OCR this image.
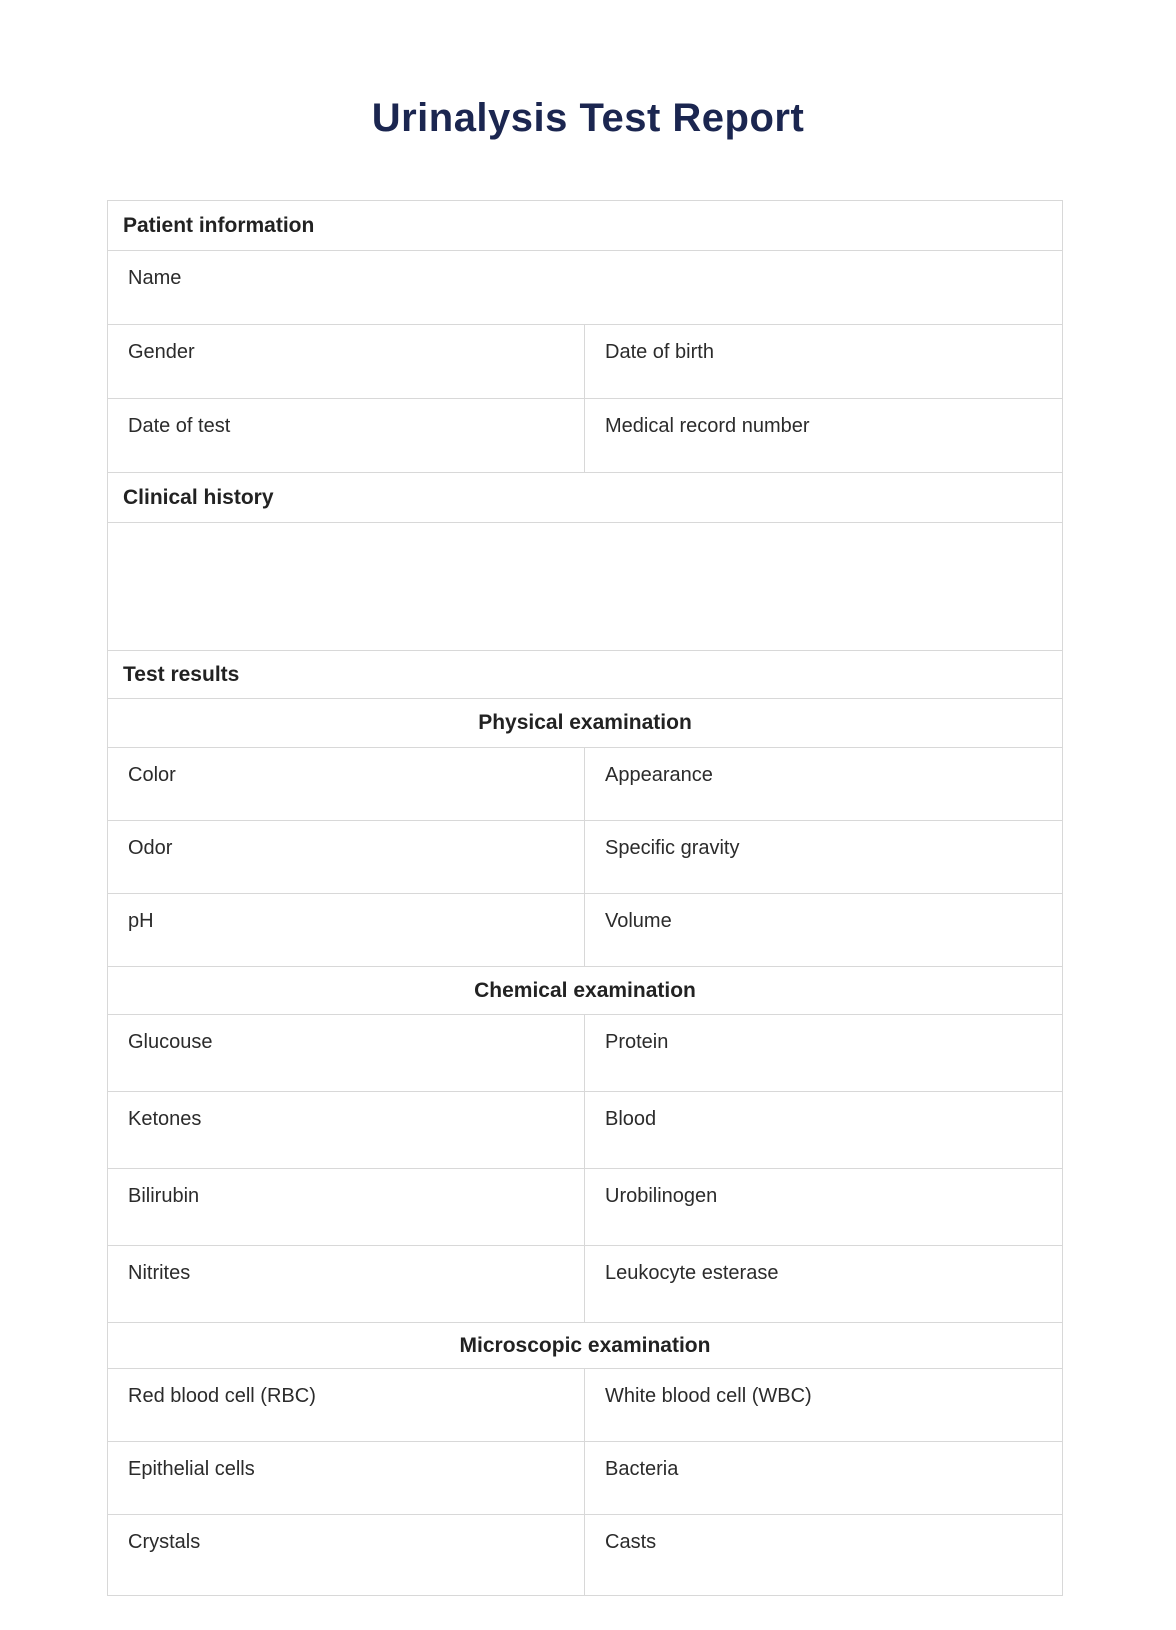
Urinalysis Test Report
Patient information
Name
Gender	Date of birth
Date of test	Medical record number
Clinical history
Test results
Physical examination
Color	Appearance
Odor	Specific gravity
pH	Volume
Chemical examination
Glucouse	Protein
Ketones	Blood
Bilirubin	Urobilinogen
Nitrites	Leukocyte esterase
Microscopic examination
Red blood cell (RBC)	White blood cell (WBC)
Epithelial cells	Bacteria
Crystals	Casts
